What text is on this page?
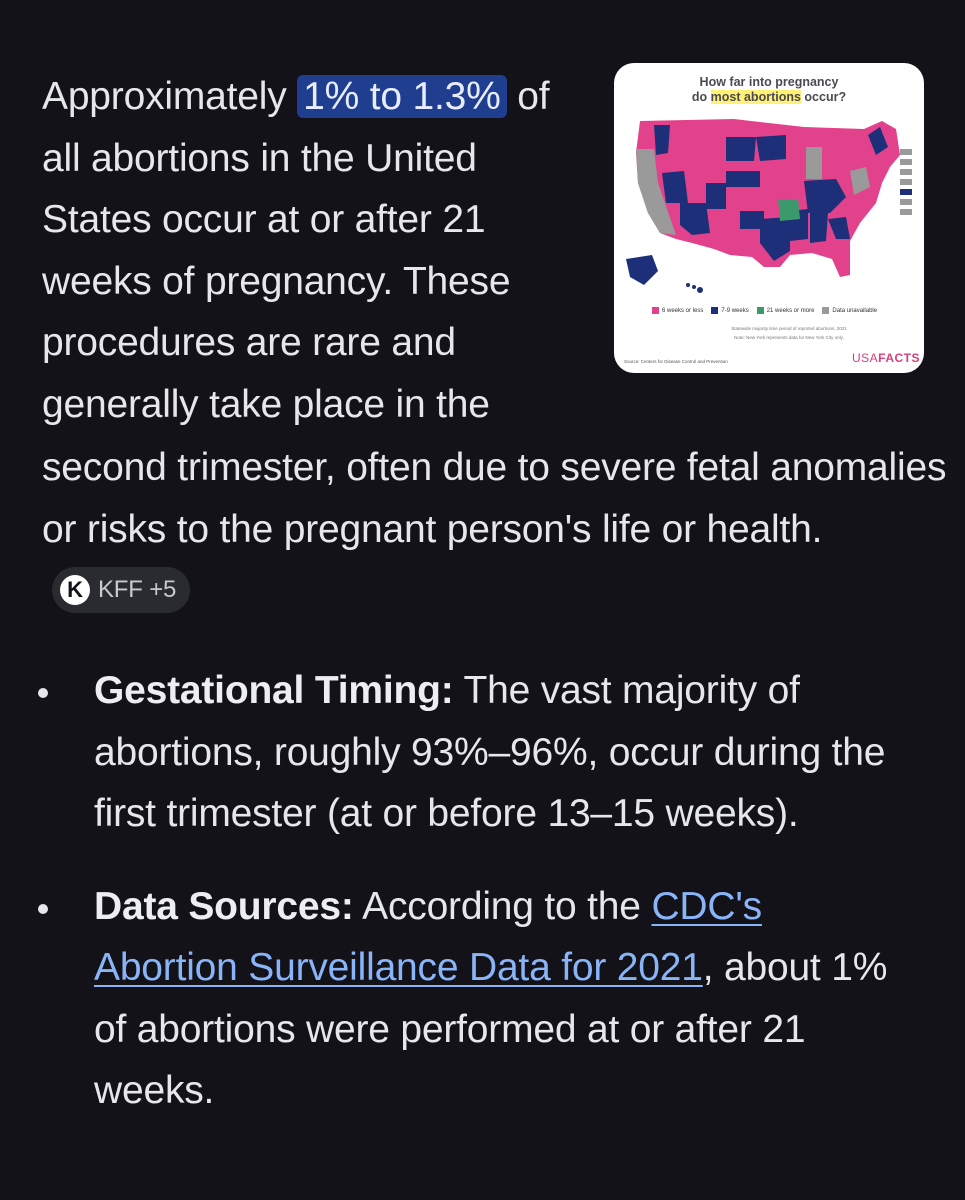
Approximately 1% to 1.3% of all abortions in the United States occur at or after 21 weeks of pregnancy. These procedures are rare and generally take place in the
second trimester, often due to severe fetal anomalies or risks to the pregnant person's life or health.
K KFF +5
How far into pregnancy
do most abortions occur?
6 weeks or less	7-9 weeks	21 weeks or more	Data unavailable
Statewide majority time period of reported abortions, 2021
Note: New York represents data for New York City only.
Source: Centers for Disease Control and Prevention	USAFACTS
Gestational Timing: The vast majority of abortions, roughly 93%–96%, occur during the first trimester (at or before 13–15 weeks).
Data Sources: According to the CDC's Abortion Surveillance Data for 2021, about 1% of abortions were performed at or after 21 weeks.
